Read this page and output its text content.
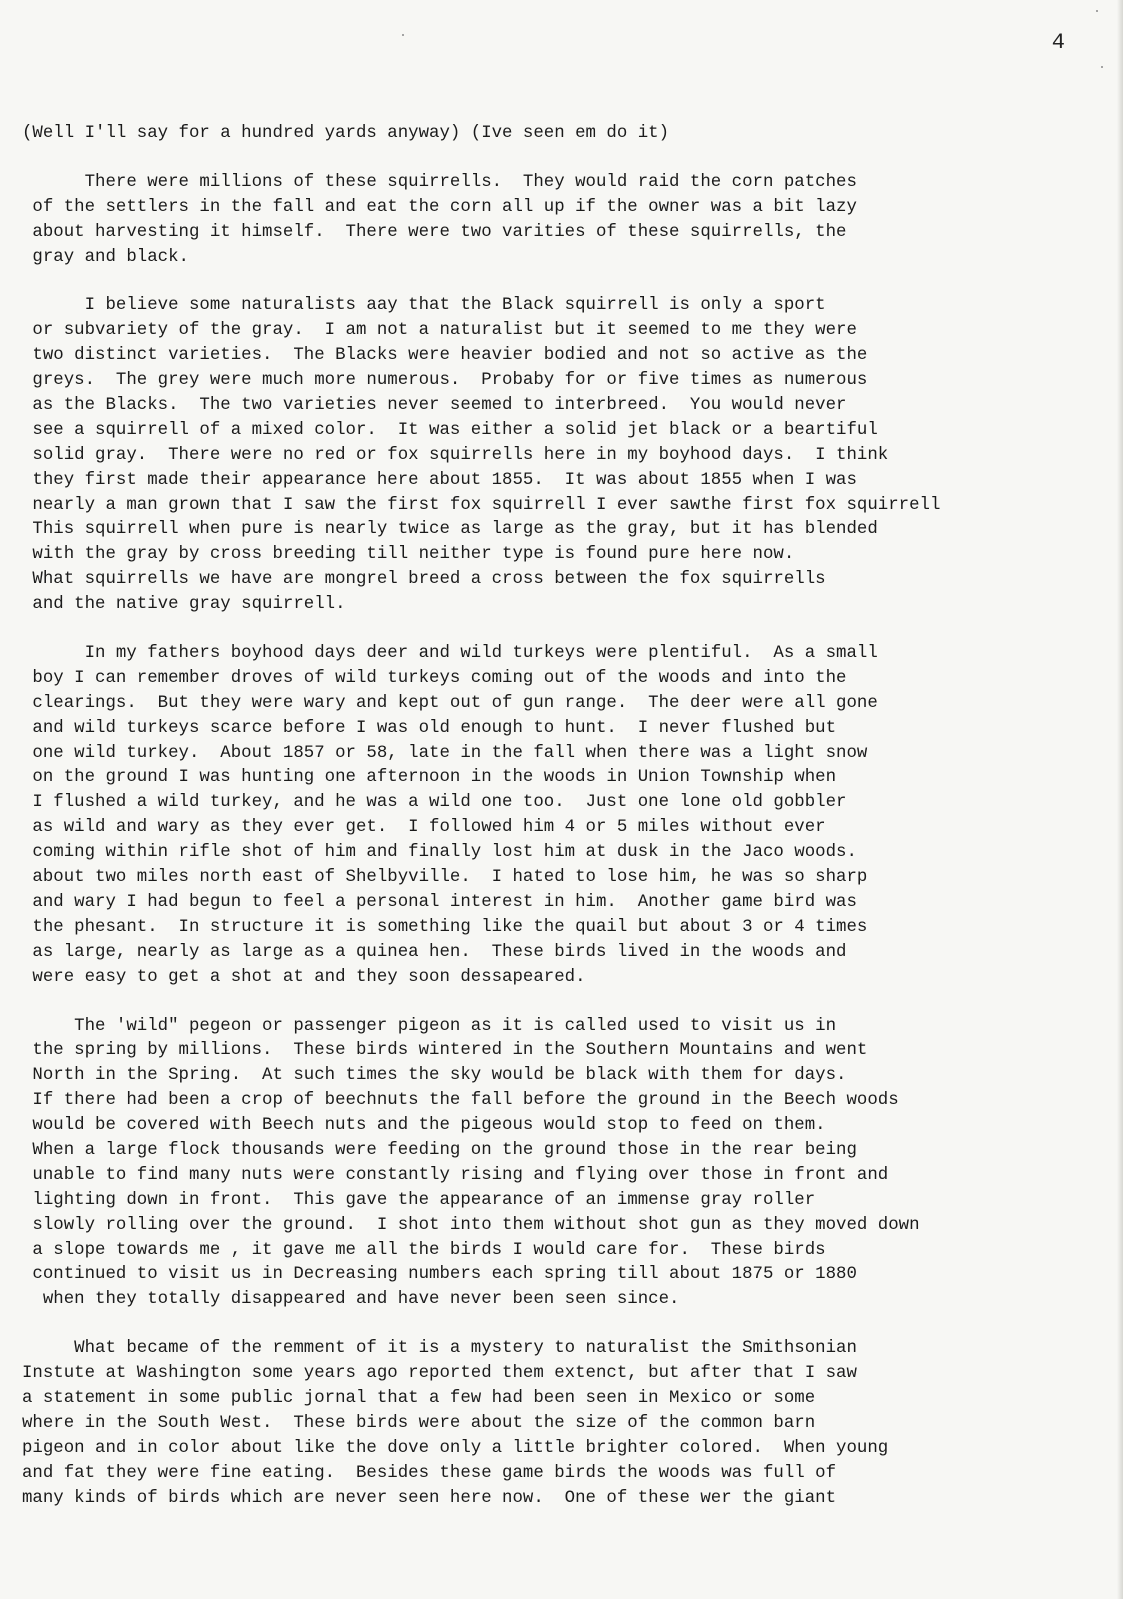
4
(Well I'll say for a hundred yards anyway) (Ive seen em do it)
There were millions of these squirrells.  They would raid the corn patches
of the settlers in the fall and eat the corn all up if the owner was a bit lazy
about harvesting it himself.  There were two varities of these squirrells, the
gray and black.
I believe some naturalists aay that the Black squirrell is only a sport
or subvariety of the gray.  I am not a naturalist but it seemed to me they were
two distinct varieties.  The Blacks were heavier bodied and not so active as the
greys.  The grey were much more numerous.  Probaby for or five times as numerous
as the Blacks.  The two varieties never seemed to interbreed.  You would never
see a squirrell of a mixed color.  It was either a solid jet black or a beartiful
solid gray.  There were no red or fox squirrells here in my boyhood days.  I think
they first made their appearance here about 1855.  It was about 1855 when I was
nearly a man grown that I saw the first fox squirrell I ever sawthe first fox squirrell
This squirrell when pure is nearly twice as large as the gray, but it has blended
with the gray by cross breeding till neither type is found pure here now.
What squirrells we have are mongrel breed a cross between the fox squirrells
and the native gray squirrell.
In my fathers boyhood days deer and wild turkeys were plentiful.  As a small
boy I can remember droves of wild turkeys coming out of the woods and into the
clearings.  But they were wary and kept out of gun range.  The deer were all gone
and wild turkeys scarce before I was old enough to hunt.  I never flushed but
one wild turkey.  About 1857 or 58, late in the fall when there was a light snow
on the ground I was hunting one afternoon in the woods in Union Township when
I flushed a wild turkey, and he was a wild one too.  Just one lone old gobbler
as wild and wary as they ever get.  I followed him 4 or 5 miles without ever
coming within rifle shot of him and finally lost him at dusk in the Jaco woods.
about two miles north east of Shelbyville.  I hated to lose him, he was so sharp
and wary I had begun to feel a personal interest in him.  Another game bird was
the phesant.  In structure it is something like the quail but about 3 or 4 times
as large, nearly as large as a quinea hen.  These birds lived in the woods and
were easy to get a shot at and they soon dessapeared.
The 'wild" pegeon or passenger pigeon as it is called used to visit us in
the spring by millions.  These birds wintered in the Southern Mountains and went
North in the Spring.  At such times the sky would be black with them for days.
If there had been a crop of beechnuts the fall before the ground in the Beech woods
would be covered with Beech nuts and the pigeous would stop to feed on them.
When a large flock thousands were feeding on the ground those in the rear being
unable to find many nuts were constantly rising and flying over those in front and
lighting down in front.  This gave the appearance of an immense gray roller
slowly rolling over the ground.  I shot into them without shot gun as they moved down
a slope towards me , it gave me all the birds I would care for.  These birds
continued to visit us in Decreasing numbers each spring till about 1875 or 1880
when they totally disappeared and have never been seen since.
What became of the remment of it is a mystery to naturalist the Smithsonian
Instute at Washington some years ago reported them extenct, but after that I saw
a statement in some public jornal that a few had been seen in Mexico or some
where in the South West.  These birds were about the size of the common barn
pigeon and in color about like the dove only a little brighter colored.  When young
and fat they were fine eating.  Besides these game birds the woods was full of
many kinds of birds which are never seen here now.  One of these wer the giant
